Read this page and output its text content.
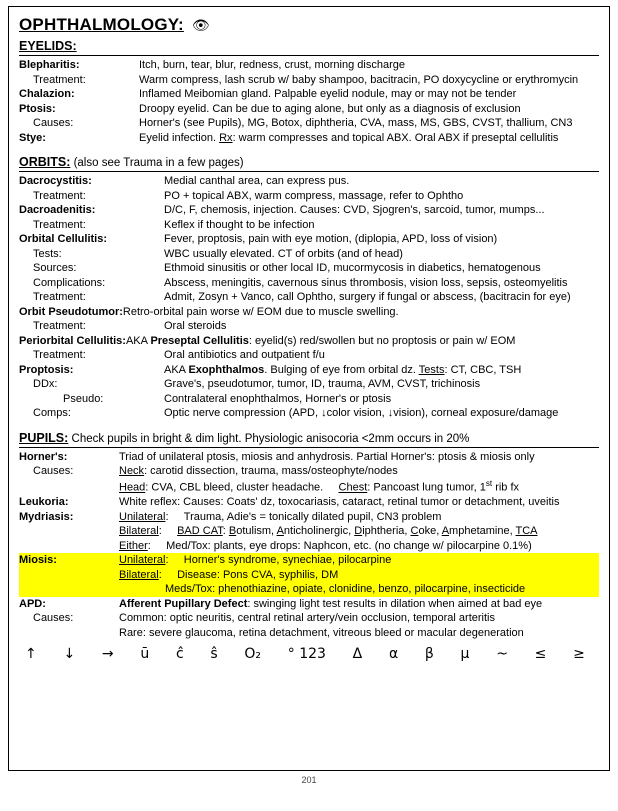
OPHTHALMOLOGY: 👁
EYELIDS:
Blepharitis:	Itch, burn, tear, blur, redness, crust, morning discharge
Treatment:	Warm compress, lash scrub w/ baby shampoo, bacitracin, PO doxycycline or erythromycin
Chalazion:	Inflamed Meibomian gland. Palpable eyelid nodule, may or may not be tender
Ptosis:	Droopy eyelid. Can be due to aging alone, but only as a diagnosis of exclusion
Causes:	Horner's (see Pupils), MG, Botox, diphtheria, CVA, mass, MS, GBS, CVST, thallium, CN3
Stye:	Eyelid infection. Rx: warm compresses and topical ABX. Oral ABX if preseptal cellulitis
ORBITS: (also see Trauma in a few pages)
Dacrocystitis:	Medial canthal area, can express pus.
Treatment:	PO + topical ABX, warm compress, massage, refer to Ophtho
Dacroadenitis:	D/C, F, chemosis, injection. Causes: CVD, Sjogren's, sarcoid, tumor, mumps...
Treatment:	Keflex if thought to be infection
Orbital Cellulitis:	Fever, proptosis, pain with eye motion, (diplopia, APD, loss of vision)
Tests:	WBC usually elevated. CT of orbits (and of head)
Sources:	Ethmoid sinusitis or other local ID, mucormycosis in diabetics, hematogenous
Complications:	Abscess, meningitis, cavernous sinus thrombosis, vision loss, sepsis, osteomyelitis
Treatment:	Admit, Zosyn + Vanco, call Ophtho, surgery if fungal or abscess, (bacitracin for eye)
Orbit Pseudotumor: Retro-orbital pain worse w/ EOM due to muscle swelling.
Treatment:	Oral steroids
Periorbital Cellulitis: AKA Preseptal Cellulitis: eyelid(s) red/swollen but no proptosis or pain w/ EOM
Treatment:	Oral antibiotics and outpatient f/u
Proptosis:	AKA Exophthalmos. Bulging of eye from orbital dz. Tests: CT, CBC, TSH
DDx:	Grave's, pseudotumor, tumor, ID, trauma, AVM, CVST, trichinosis
Pseudo:	Contralateral enophthalmos, Horner's or ptosis
Comps:	Optic nerve compression (APD, ↓color vision, ↓vision), corneal exposure/damage
PUPILS: Check pupils in bright & dim light. Physiologic anisocoria <2mm occurs in 20%
Horner's:	Triad of unilateral ptosis, miosis and anhydrosis. Partial Horner's: ptosis & miosis only
Causes:	Neck: carotid dissection, trauma, mass/osteophyte/nodes
Head: CVA, CBL bleed, cluster headache.     Chest: Pancoast lung tumor, 1st rib fx
Leukoria:	White reflex: Causes: Coats' dz, toxocariasis, cataract, retinal tumor or detachment, uveitis
Mydriasis:	Unilateral:     Trauma, Adie's = tonically dilated pupil, CN3 problem
Bilateral:     BAD CAT: Botulism, Anticholinergic, Diphtheria, Coke, Amphetamine, TCA
Either:     Med/Tox: plants, eye drops: Naphcon, etc. (no change w/ pilocarpine 0.1%)
Miosis:	Unilateral:     Horner's syndrome, synechiae, pilocarpine
Bilateral:     Disease: Pons CVA, syphilis, DM
Meds/Tox: phenothiazine, opiate, clonidine, benzo, pilocarpine, insecticide
APD:	Afferent Pupillary Defect: swinging light test results in dilation when aimed at bad eye
Causes:	Common: optic neuritis, central retinal artery/vein occlusion, temporal arteritis
Rare: severe glaucoma, retina detachment, vitreous bleed or macular degeneration
↑ ↓ → ū ĉ ŝ O₂ ° 123 Δ α β μ ~ ≤ ≥
201
